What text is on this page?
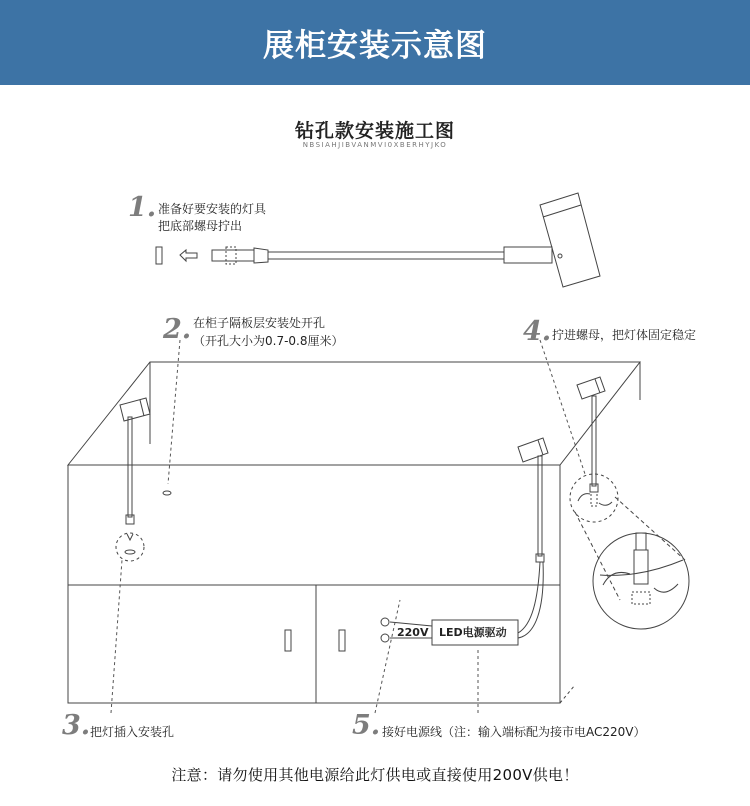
展柜安装示意图
钻孔款安装施工图
NBSIAHJIBVANMVI0XBERHYJKO
1. 准备好要安装的灯具
把底部螺母拧出
2. 在柜子隔板层安装处开孔
（开孔大小为0.7-0.8厘米）	4. 拧进螺母，把灯体固定稳定
220V LED电源驱动
3. 把灯插入安装孔	5. 接好电源线（注：输入端标配为接市电AC220V）
注意：请勿使用其他电源给此灯供电或直接使用200V供电！
